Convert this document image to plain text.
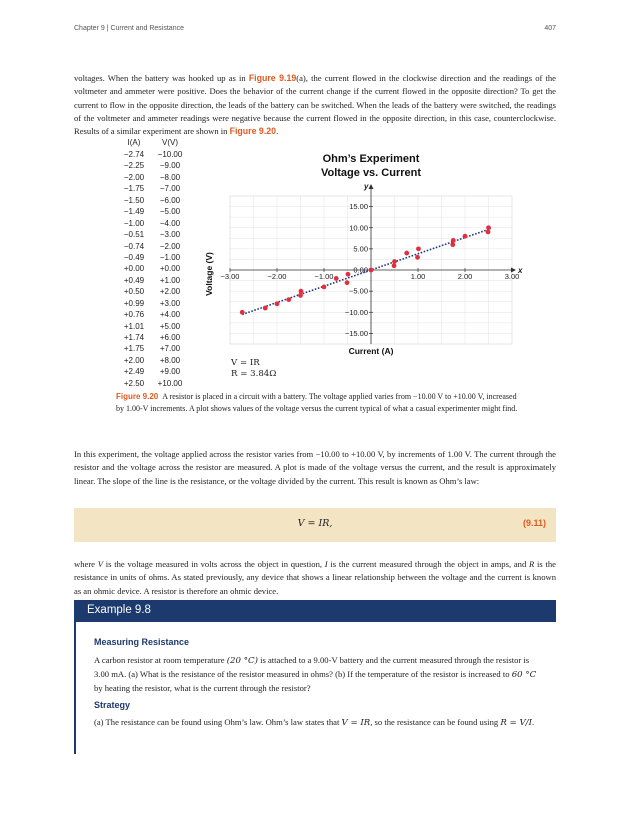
Chapter 9 | Current and Resistance	407

voltages. When the battery was hooked up as in Figure 9.19(a), the current flowed in the clockwise direction and the readings of the voltmeter and ammeter were positive. Does the behavior of the current change if the current flowed in the opposite direction? To get the current to flow in the opposite direction, the leads of the battery can be switched. When the leads of the battery were switched, the readings of the voltmeter and ammeter readings were negative because the current flowed in the opposite direction, in this case, counterclockwise. Results of a similar experiment are shown in Figure 9.20.

I(A)	V(V)
−2.74	−10.00
−2.25	−9.00
−2.00	−8.00
−1.75	−7.00
−1.50	−6.00
−1.49	−5.00
−1.00	−4.00
−0.51	−3.00
−0.74	−2.00
−0.49	−1.00
+0.00	+0.00
+0.49	+1.00
+0.50	+2.00
+0.99	+3.00
+0.76	+4.00
+1.01	+5.00
+1.74	+6.00
+1.75	+7.00
+2.00	+8.00
+2.49	+9.00
+2.50	+10.00
−3.00	−2.00	−1.00	1.00	2.00	3.00
15.00
10.00
5.00
0.00
−5.00
−10.00
−15.00
x
y
Ohm’s Experiment
Voltage vs. Current
Current (A)
Voltage (V)
V = IR
R = 3.84Ω

Figure 9.20 A resistor is placed in a circuit with a battery. The voltage applied varies from −10.00 V to +10.00 V, increased by 1.00-V increments. A plot shows values of the voltage versus the current typical of what a casual experimenter might find.

In this experiment, the voltage applied across the resistor varies from −10.00 to +10.00 V, by increments of 1.00 V. The current through the resistor and the voltage across the resistor are measured. A plot is made of the voltage versus the current, and the result is approximately linear. The slope of the line is the resistance, or the voltage divided by the current. This result is known as Ohm’s law:

V = IR,	(9.11)

where V is the voltage measured in volts across the object in question, I is the current measured through the object in amps, and R is the resistance in units of ohms. As stated previously, any device that shows a linear relationship between the voltage and the current is known as an ohmic device. A resistor is therefore an ohmic device.

Example 9.8
Measuring Resistance

A carbon resistor at room temperature (20 °C) is attached to a 9.00-V battery and the current measured through the resistor is 3.00 mA. (a) What is the resistance of the resistor measured in ohms? (b) If the temperature of the resistor is increased to 60 °C by heating the resistor, what is the current through the resistor?

Strategy

(a) The resistance can be found using Ohm’s law. Ohm’s law states that V = IR, so the resistance can be found using R = V/I.
